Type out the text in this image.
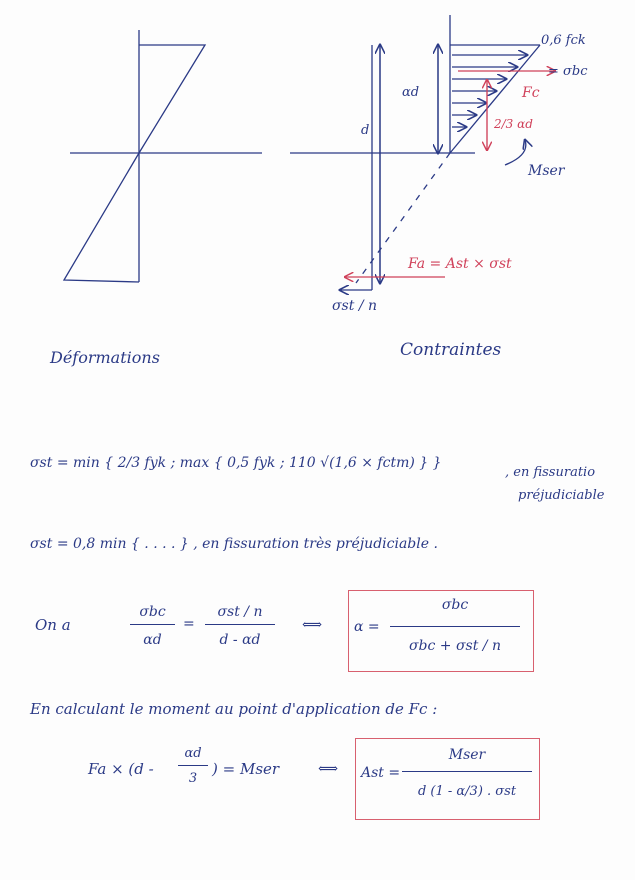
αd
d
0,6 fck
= σbc
Fc
2/3 αd
Mser
Fa = Ast × σst
σst / n
Déformations	Contraintes
σst = min { 2/3 fyk ; max { 0,5 fyk ; 110 √(1,6 × fctm) } }
, en fissuratio
préjudiciable
σst = 0,8 min { . . . . } , en fissuration très préjudiciable .
On a
σbc
αd
=
σst / n
d - αd
⟺ α =
σbc
σbc + σst / n
En calculant le moment au point d'application de Fc :
Fa × (d -
αd
3
) = Mser	⟺ Ast =
Mser
d (1 - α/3) . σst
